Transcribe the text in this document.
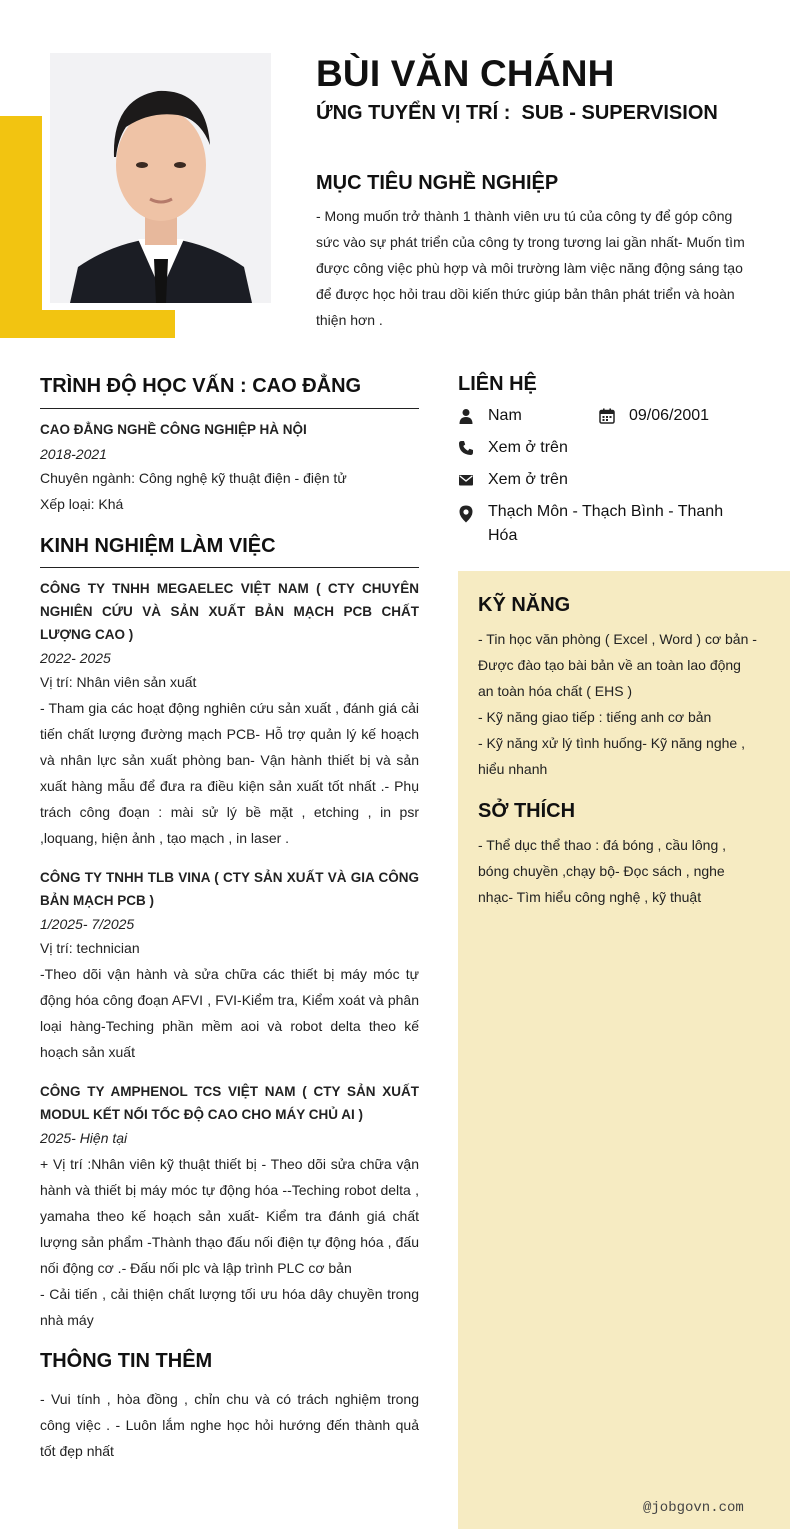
BÙI VĂN CHÁNH
ỨNG TUYỂN VỊ TRÍ :  SUB - SUPERVISION
MỤC TIÊU NGHỀ NGHIỆP
- Mong muốn trở thành 1 thành viên ưu tú của công ty để góp công sức vào sự phát triển của công ty trong tương lai gần nhất- Muốn tìm được công việc phù hợp và môi trường làm việc năng động sáng tạo để được học hỏi trau dồi kiến thức giúp bản thân phát triển và hoàn thiện hơn .
TRÌNH ĐỘ HỌC VẤN : CAO ĐẲNG
CAO ĐẲNG NGHỀ CÔNG NGHIỆP HÀ NỘI
2018-2021
Chuyên ngành: Công nghệ kỹ thuật điện - điện tử
Xếp loại: Khá
KINH NGHIỆM LÀM VIỆC
CÔNG TY TNHH MEGAELEC VIỆT NAM ( CTY CHUYÊN NGHIÊN CỨU VÀ SẢN XUẤT BẢN MẠCH PCB CHẤT LƯỢNG CAO )
2022- 2025
Vị trí: Nhân viên sản xuất
- Tham gia các hoạt động nghiên cứu sản xuất , đánh giá cải tiến chất lượng đường mạch PCB- Hỗ trợ quản lý kế hoạch và nhân lực sản xuất phòng ban- Vận hành thiết bị và sản xuất hàng mẫu để đưa ra điều kiện sản xuất tốt nhất .- Phụ trách công đoạn : mài sử lý bề mặt , etching , in psr ,loquang, hiện ảnh , tạo mạch , in laser .
CÔNG TY TNHH TLB VINA ( CTY SẢN XUẤT VÀ GIA CÔNG BẢN MẠCH PCB )
1/2025- 7/2025
Vị trí: technician
-Theo dõi vận hành và sửa chữa các thiết bị máy móc tự động hóa công đoạn AFVI , FVI-Kiểm tra, Kiểm xoát và phân loại hàng-Teching phần mềm aoi và robot delta theo kế hoạch sản xuất
CÔNG TY AMPHENOL TCS VIỆT NAM ( CTY SẢN XUẤT MODUL KẾT NỐI TỐC ĐỘ CAO CHO MÁY CHỦ AI )
2025- Hiện tại
+ Vị trí :Nhân viên kỹ thuật thiết bị - Theo dõi sửa chữa vận hành và thiết bị máy móc tự động hóa --Teching robot delta , yamaha theo kế hoạch sản xuất- Kiểm tra đánh giá chất lượng sản phẩm -Thành thạo đấu nối điện tự động hóa , đấu nối động cơ .- Đấu nối plc và lập trình PLC cơ bản
- Cải tiến , cải thiện chất lượng tối ưu hóa dây chuyền trong nhà máy
THÔNG TIN THÊM
- Vui tính , hòa đồng , chỉn chu và có trách nghiệm trong công việc . - Luôn lắm nghe học hỏi hướng đến thành quả tốt đẹp nhất
LIÊN HỆ
Nam	09/06/2001
Xem ở trên
Xem ở trên
Thạch Môn - Thạch Bình - Thanh Hóa
KỸ NĂNG
- Tin học văn phòng ( Excel , Word ) cơ bản - Được đào tạo bài bản về an toàn lao động an toàn hóa chất ( EHS )
- Kỹ năng giao tiếp : tiếng anh cơ bản
- Kỹ năng xử lý tình huống- Kỹ năng nghe , hiểu nhanh
SỞ THÍCH
- Thể dục thể thao : đá bóng , cầu lông , bóng chuyền ,chạy bộ- Đọc sách , nghe nhạc- Tìm hiểu công nghệ , kỹ thuật
@jobgovn.com
